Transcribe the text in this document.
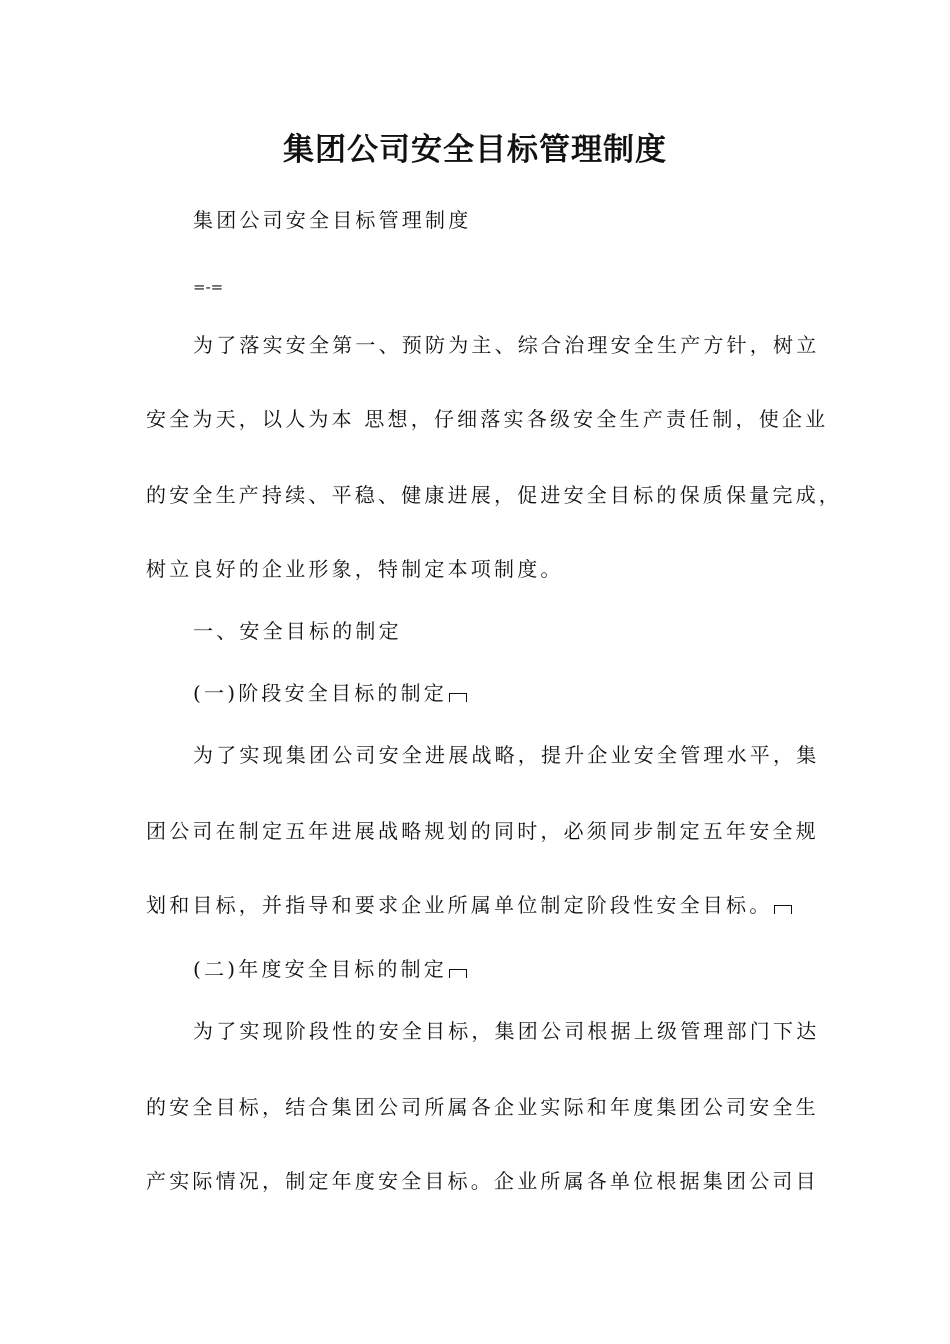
集团公司安全目标管理制度
集团公司安全目标管理制度
=-=
为了落实安全第一、预防为主、综合治理安全生产方针，树立
安全为天，以人为本 思想，仔细落实各级安全生产责任制，使企业
的安全生产持续、平稳、健康进展，促进安全目标的保质保量完成，
树立良好的企业形象，特制定本项制度。
一、安全目标的制定
(一)阶段安全目标的制定
为了实现集团公司安全进展战略，提升企业安全管理水平，集
团公司在制定五年进展战略规划的同时，必须同步制定五年安全规
划和目标，并指导和要求企业所属单位制定阶段性安全目标。
(二)年度安全目标的制定
为了实现阶段性的安全目标，集团公司根据上级管理部门下达
的安全目标，结合集团公司所属各企业实际和年度集团公司安全生
产实际情况，制定年度安全目标。企业所属各单位根据集团公司目
